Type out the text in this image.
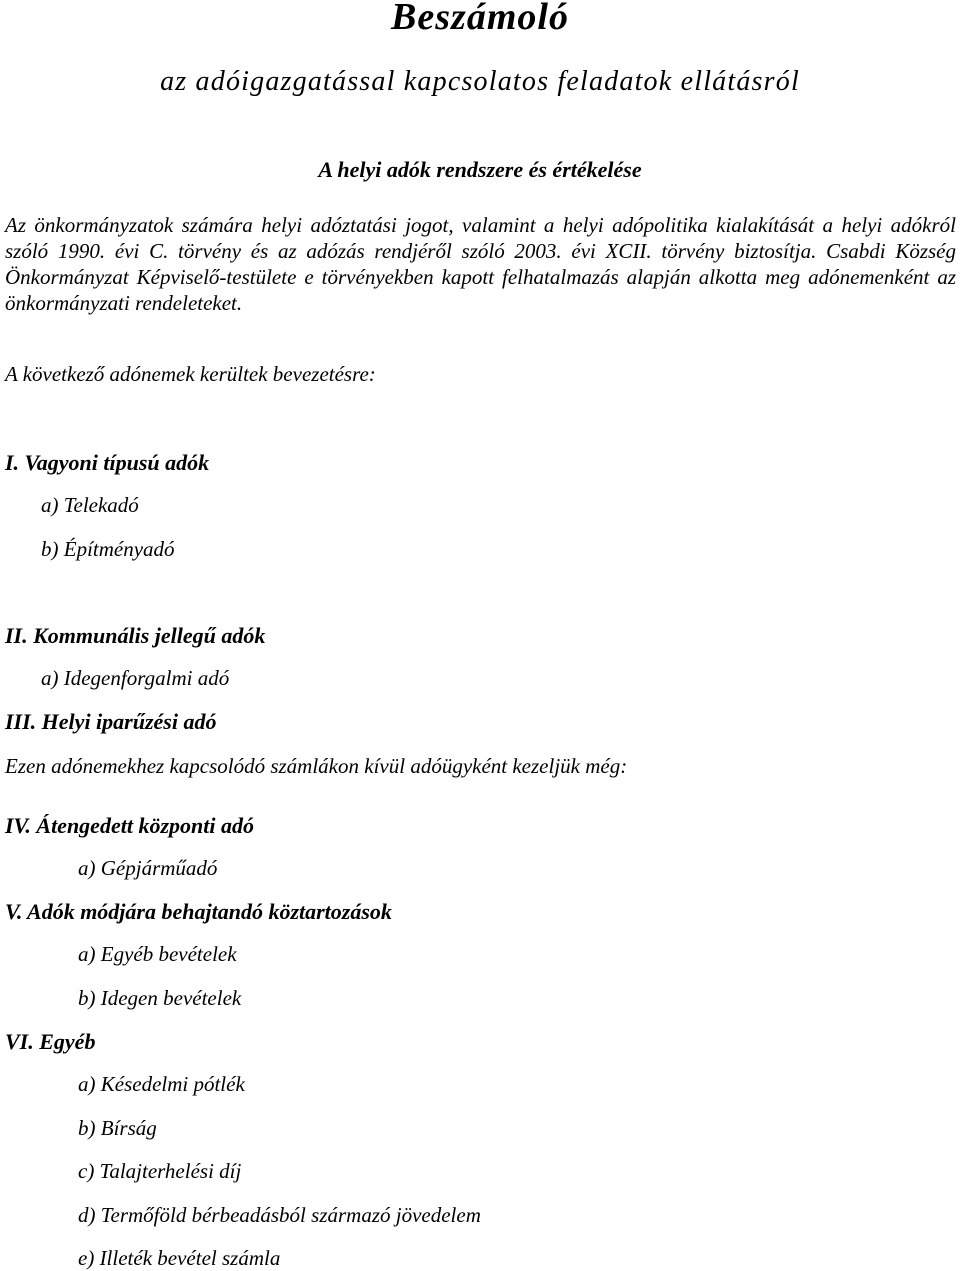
Beszámoló
az adóigazgatással kapcsolatos feladatok ellátásról
A helyi adók rendszere és értékelése

Az önkormányzatok számára helyi adóztatási jogot, valamint a helyi adópolitika kialakítását a helyi adókról szóló 1990. évi C. törvény és az adózás rendjéről szóló 2003. évi XCII. törvény biztosítja. Csabdi Község Önkormányzat Képviselő-testülete e törvényekben kapott felhatalmazás alapján alkotta meg adónemenként az önkormányzati rendeleteket.

A következő adónemek kerültek bevezetésre:
I. Vagyoni típusú adók
a) Telekadó
b) Építményadó
II. Kommunális jellegű adók
a) Idegenforgalmi adó
III. Helyi iparűzési adó
Ezen adónemekhez kapcsolódó számlákon kívül adóügyként kezeljük még:
IV. Átengedett központi adó
a) Gépjárműadó
V. Adók módjára behajtandó köztartozások
a) Egyéb bevételek
b) Idegen bevételek
VI. Egyéb
a) Késedelmi pótlék
b) Bírság
c) Talajterhelési díj
d) Termőföld bérbeadásból származó jövedelem
e) Illeték bevétel számla
